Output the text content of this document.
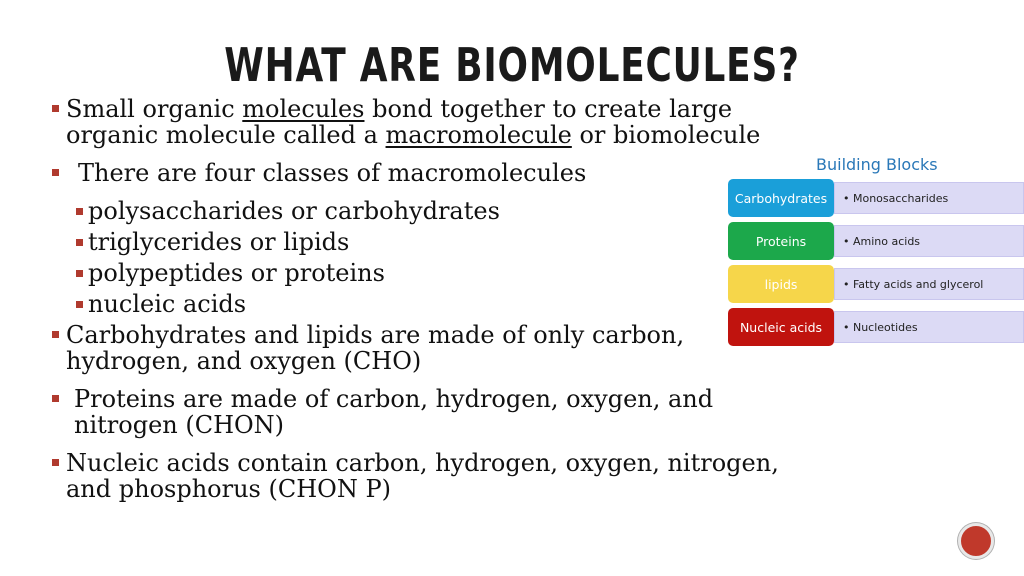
WHAT ARE BIOMOLECULES?
Small organic molecules bond together to create large organic molecule called a macromolecule or biomolecule
There are four classes of macromolecules
polysaccharides or carbohydrates
triglycerides or lipids
polypeptides or proteins
nucleic acids
Carbohydrates and lipids are made of only carbon, hydrogen, and oxygen (CHO)
Proteins are made of carbon, hydrogen, oxygen, and nitrogen (CHON)
Nucleic acids contain carbon, hydrogen, oxygen, nitrogen, and phosphorus (CHON P)
Building Blocks
Carbohydrates	• Monosaccharides
Proteins	• Amino acids
lipids	• Fatty acids and glycerol
Nucleic acids	• Nucleotides
